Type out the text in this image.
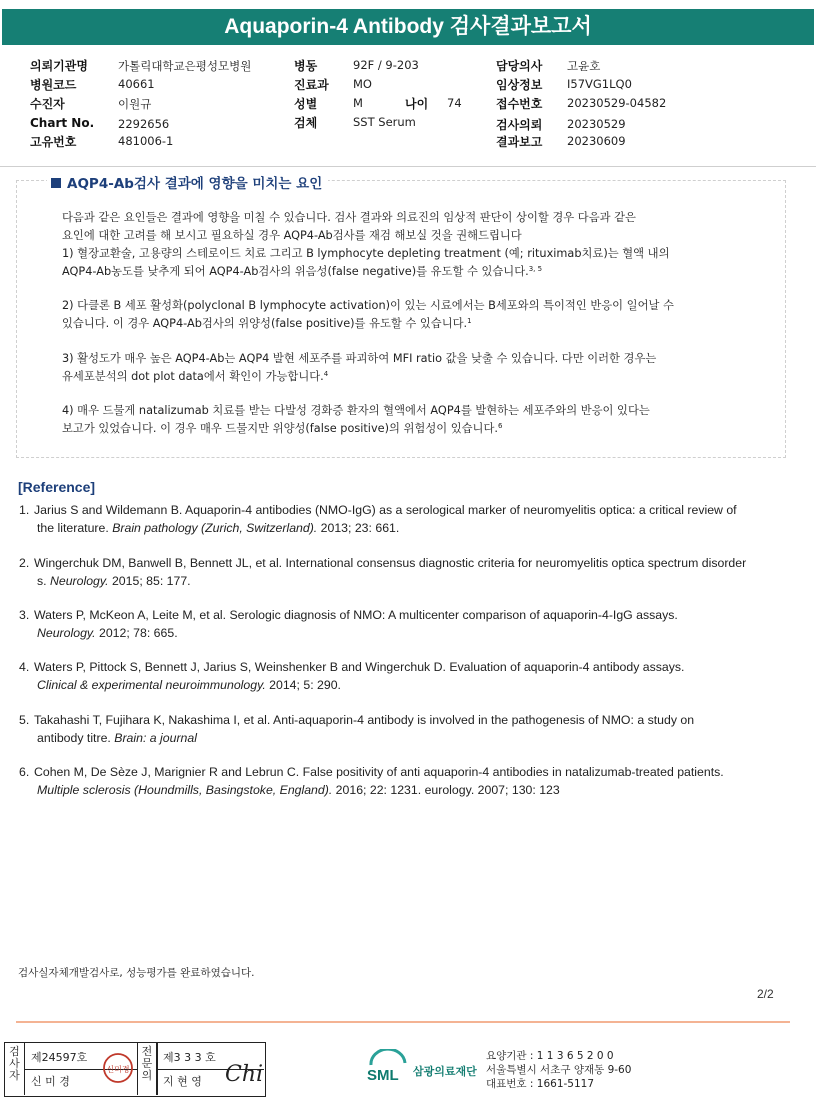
Aquaporin-4 Antibody 검사결과보고서
의뢰기관명	가톨릭대학교은평성모병원
병원코드	40661
수진자	이원규
Chart No. 2292656
고유번호	481006-1
병동	92F / 9-203
진료과 MO
성별	M	나이 74
검체	SST Serum
담당의사 고윤호
임상정보 I57VG1LQ0
접수번호 20230529-04582
검사의뢰 20230529
결과보고 20230609
AQP4-Ab검사 결과에 영향을 미치는 요인
다음과 같은 요인들은 결과에 영향을 미칠 수 있습니다. 검사 결과와 의료진의 임상적 판단이 상이할 경우 다음과 같은
요인에 대한 고려를 해 보시고 필요하실 경우 AQP4-Ab검사를 재검 해보실 것을 권해드립니다
1) 혈장교환술, 고용량의 스테로이드 치료 그리고 B lymphocyte depleting treatment (예; rituximab치료)는 혈액 내의
AQP4-Ab농도를 낮추게 되어 AQP4-Ab검사의 위음성(false negative)를 유도할 수 있습니다.$^{3, 5}$
2) 다클론 B 세포 활성화(polyclonal B lymphocyte activation)이 있는 시료에서는 B세포와의 특이적인 반응이 일어날 수
있습니다. 이 경우 AQP4-Ab검사의 위양성(false positive)를 유도할 수 있습니다.$^1$
3) 활성도가 매우 높은 AQP4-Ab는 AQP4 발현 세포주를 파괴하여 MFI ratio 값을 낮출 수 있습니다. 다만 이러한 경우는
유세포분석의 dot plot data에서 확인이 가능합니다.$^4$
4) 매우 드물게 natalizumab 치료를 받는 다발성 경화증 환자의 혈액에서 AQP4를 발현하는 세포주와의 반응이 있다는
보고가 있었습니다. 이 경우 매우 드물지만 위양성(false positive)의 위험성이 있습니다.$^6$
[Reference]
1. Jarius S and Wildemann B. Aquaporin-4 antibodies (NMO-IgG) as a serological marker of neuromyelitis optica: a critical review of
the literature. Brain pathology (Zurich, Switzerland). 2013; 23: 661.
2. Wingerchuk DM, Banwell B, Bennett JL, et al. International consensus diagnostic criteria for neuromyelitis optica spectrum disorder
s. Neurology. 2015; 85: 177.
3. Waters P, McKeon A, Leite M, et al. Serologic diagnosis of NMO: A multicenter comparison of aquaporin-4-IgG assays.
Neurology. 2012; 78: 665.
4. Waters P, Pittock S, Bennett J, Jarius S, Weinshenker B and Wingerchuk D. Evaluation of aquaporin-4 antibody assays.
Clinical & experimental neuroimmunology. 2014; 5: 290.
5. Takahashi T, Fujihara K, Nakashima I, et al. Anti-aquaporin-4 antibody is involved in the pathogenesis of NMO: a study on
antibody titre. Brain: a journal
6. Cohen M, De Sèze J, Marignier R and Lebrun C. False positivity of anti aquaporin-4 antibodies in natalizumab-treated patients.
Multiple sclerosis (Houndmills, Basingstoke, England). 2016; 22: 1231. eurology. 2007; 130: 123
검사실자체개발검사로, 성능평가를 완료하였습니다.
2/2
검사자
제24597호
신 미 경
신미경
전문의
제3 3 3 호
지 현 영 Chi	SML 삼광의료재단
요양기관 : 1 1 3 6 5 2 0 0
서울특별시 서초구 양재동 9-60
대표번호 : 1661-5117
